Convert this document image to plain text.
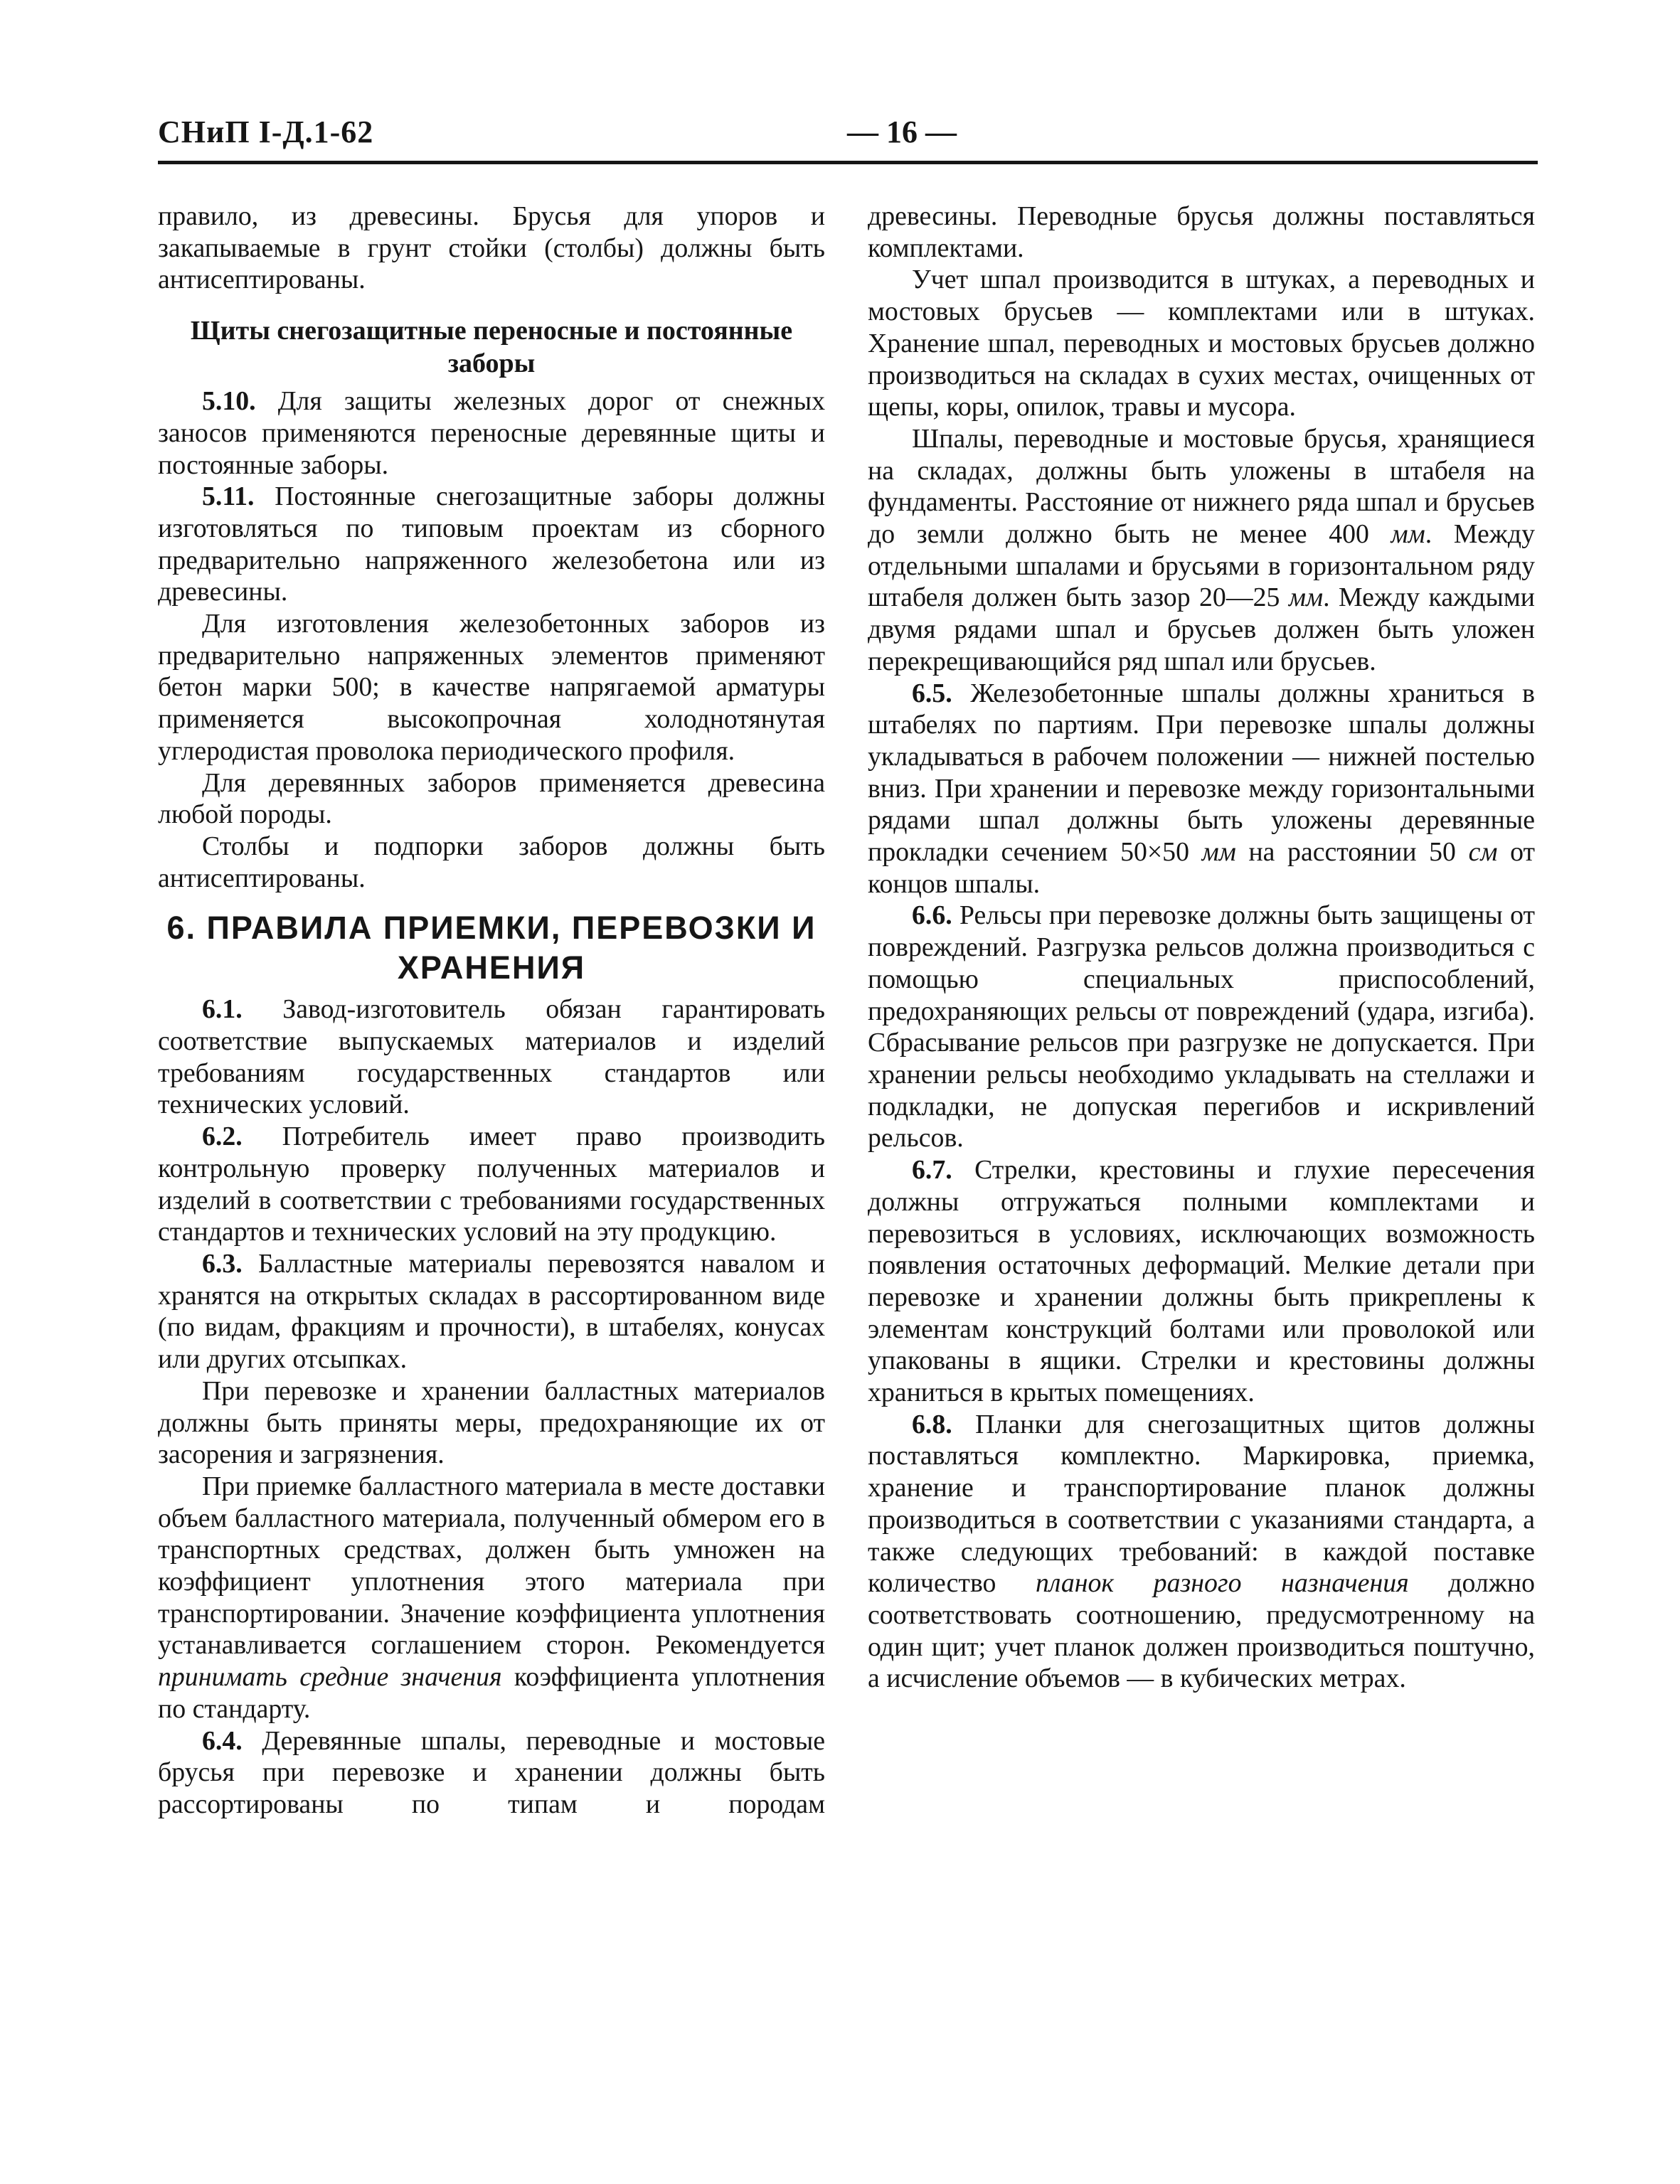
СНиП I-Д.1-62	— 16 —

правило, из древесины. Брусья для упоров и закапываемые в грунт стойки (столбы) должны быть антисептированы.

Щиты снегозащитные переносные и постоянные заборы

5.10. Для защиты железных дорог от снежных заносов применяются переносные деревянные щиты и постоянные заборы.

5.11. Постоянные снегозащитные заборы должны изготовляться по типовым проектам из сборного предварительно напряженного железобетона или из древесины.

Для изготовления железобетонных заборов из предварительно напряженных элементов применяют бетон марки 500; в качестве напрягаемой арматуры применяется высокопрочная холоднотянутая углеродистая проволока периодического профиля.

Для деревянных заборов применяется древесина любой породы.

Столбы и подпорки заборов должны быть антисептированы.

6. ПРАВИЛА ПРИЕМКИ, ПЕРЕВОЗКИ И ХРАНЕНИЯ

6.1. Завод-изготовитель обязан гарантировать соответствие выпускаемых материалов и изделий требованиям государственных стандартов или технических условий.

6.2. Потребитель имеет право производить контрольную проверку полученных материалов и изделий в соответствии с требованиями государственных стандартов и технических условий на эту продукцию.

6.3. Балластные материалы перевозятся навалом и хранятся на открытых складах в рассортированном виде (по видам, фракциям и прочности), в штабелях, конусах или других отсыпках.

При перевозке и хранении балластных материалов должны быть приняты меры, предохраняющие их от засорения и загрязнения.

При приемке балластного материала в месте доставки объем балластного материала, полученный обмером его в транспортных средствах, должен быть умножен на коэффициент уплотнения этого материала при транспортировании. Значение коэффициента уплотнения устанавливается соглашением сторон. Рекомендуется принимать средние значения коэффициента уплотнения по стандарту.

6.4. Деревянные шпалы, переводные и мостовые брусья при перевозке и хранении должны быть рассортированы по типам и породам

древесины. Переводные брусья должны поставляться комплектами.

Учет шпал производится в штуках, а переводных и мостовых брусьев — комплектами или в штуках. Хранение шпал, переводных и мостовых брусьев должно производиться на складах в сухих местах, очищенных от щепы, коры, опилок, травы и мусора.

Шпалы, переводные и мостовые брусья, хранящиеся на складах, должны быть уложены в штабеля на фундаменты. Расстояние от нижнего ряда шпал и брусьев до земли должно быть не менее 400 мм. Между отдельными шпалами и брусьями в горизонтальном ряду штабеля должен быть зазор 20—25 мм. Между каждыми двумя рядами шпал и брусьев должен быть уложен перекрещивающийся ряд шпал или брусьев.

6.5. Железобетонные шпалы должны храниться в штабелях по партиям. При перевозке шпалы должны укладываться в рабочем положении — нижней постелью вниз. При хранении и перевозке между горизонтальными рядами шпал должны быть уложены деревянные прокладки сечением 50×50 мм на расстоянии 50 см от концов шпалы.

6.6. Рельсы при перевозке должны быть защищены от повреждений. Разгрузка рельсов должна производиться с помощью специальных приспособлений, предохраняющих рельсы от повреждений (удара, изгиба). Сбрасывание рельсов при разгрузке не допускается. При хранении рельсы необходимо укладывать на стеллажи и подкладки, не допуская перегибов и искривлений рельсов.

6.7. Стрелки, крестовины и глухие пересечения должны отгружаться полными комплектами и перевозиться в условиях, исключающих возможность появления остаточных деформаций. Мелкие детали при перевозке и хранении должны быть прикреплены к элементам конструкций болтами или проволокой или упакованы в ящики. Стрелки и крестовины должны храниться в крытых помещениях.

6.8. Планки для снегозащитных щитов должны поставляться комплектно. Маркировка, приемка, хранение и транспортирование планок должны производиться в соответствии с указаниями стандарта, а также следующих требований: в каждой поставке количество планок разного назначения должно соответствовать соотношению, предусмотренному на один щит; учет планок должен производиться поштучно, а исчисление объемов — в кубических метрах.
